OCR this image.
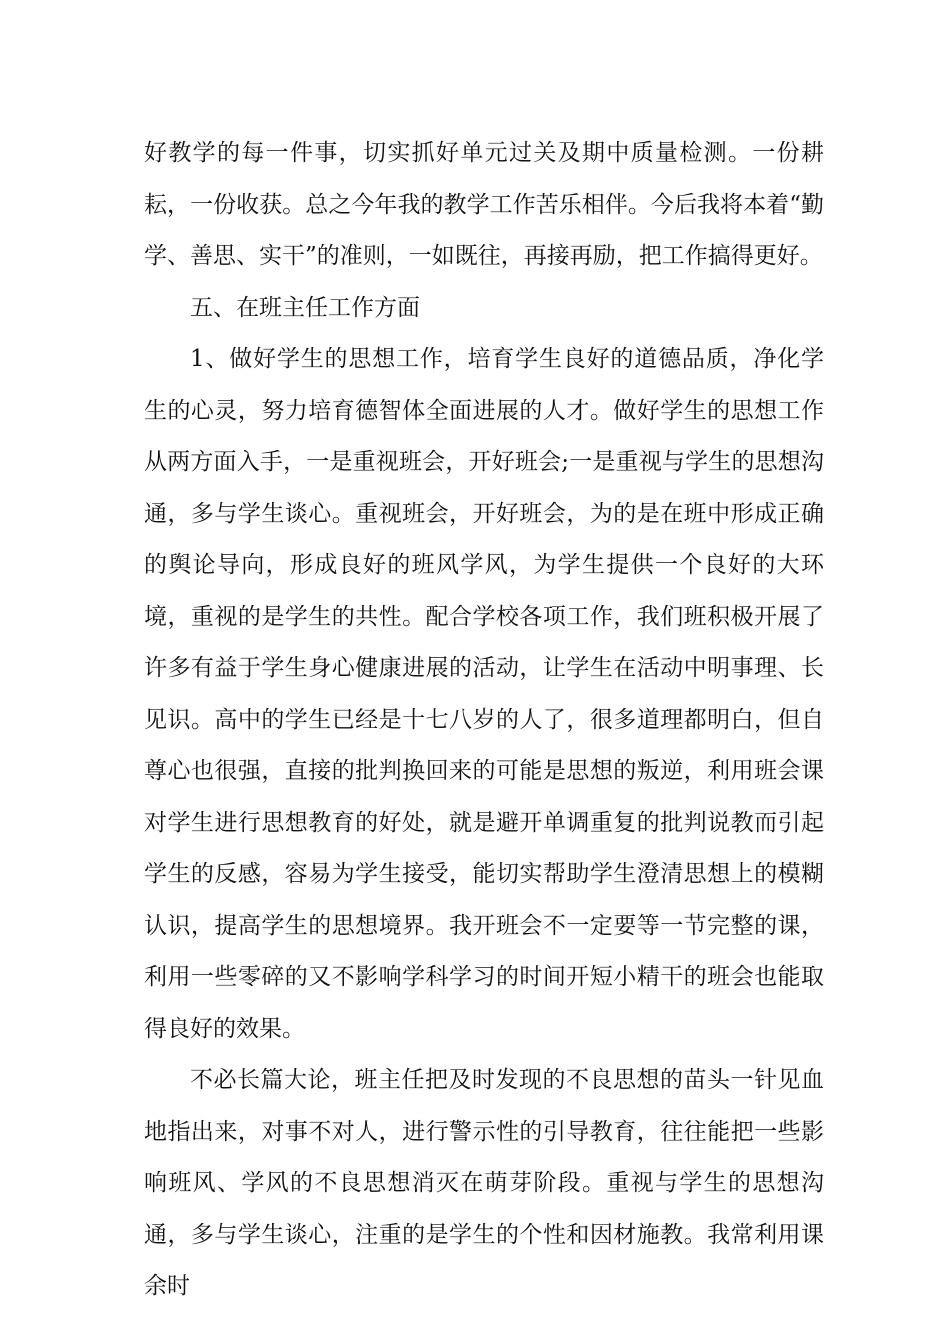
好教学的每一件事，切实抓好单元过关及期中质量检测。一份耕耘，一份收获。总之今年我的教学工作苦乐相伴。今后我将本着“勤学、善思、实干”的准则，一如既往，再接再励，把工作搞得更好。

五、在班主任工作方面

1、做好学生的思想工作，培育学生良好的道德品质，净化学生的心灵，努力培育德智体全面进展的人才。做好学生的思想工作从两方面入手，一是重视班会，开好班会;一是重视与学生的思想沟通，多与学生谈心。重视班会，开好班会，为的是在班中形成正确的舆论导向，形成良好的班风学风，为学生提供一个良好的大环境，重视的是学生的共性。配合学校各项工作，我们班积极开展了许多有益于学生身心健康进展的活动，让学生在活动中明事理、长见识。高中的学生已经是十七八岁的人了，很多道理都明白，但自尊心也很强，直接的批判换回来的可能是思想的叛逆，利用班会课对学生进行思想教育的好处，就是避开单调重复的批判说教而引起学生的反感，容易为学生接受，能切实帮助学生澄清思想上的模糊认识，提高学生的思想境界。我开班会不一定要等一节完整的课，利用一些零碎的又不影响学科学习的时间开短小精干的班会也能取得良好的效果。

不必长篇大论，班主任把及时发现的不良思想的苗头一针见血地指出来，对事不对人，进行警示性的引导教育，往往能把一些影响班风、学风的不良思想消灭在萌芽阶段。重视与学生的思想沟通，多与学生谈心，注重的是学生的个性和因材施教。我常利用课余时
